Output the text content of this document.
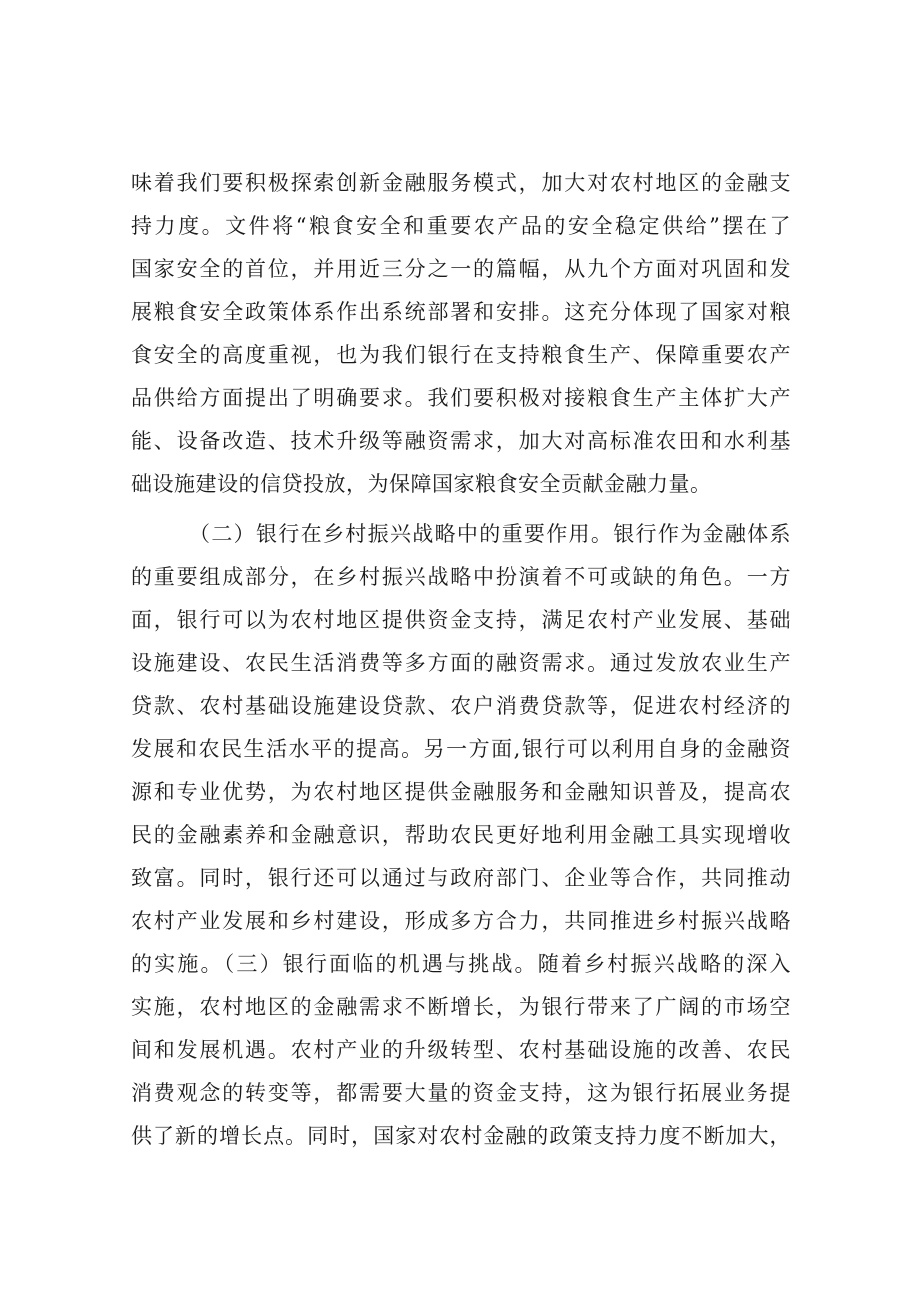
味着我们要积极探索创新金融服务模式，加大对农村地区的金融支
持力度。文件将“粮食安全和重要农产品的安全稳定供给”摆在了
国家安全的首位，并用近三分之一的篇幅，从九个方面对巩固和发
展粮食安全政策体系作出系统部署和安排。这充分体现了国家对粮
食安全的高度重视，也为我们银行在支持粮食生产、保障重要农产
品供给方面提出了明确要求。我们要积极对接粮食生产主体扩大产
能、设备改造、技术升级等融资需求，加大对高标准农田和水利基
础设施建设的信贷投放，为保障国家粮食安全贡献金融力量。
（二）银行在乡村振兴战略中的重要作用。银行作为金融体系
的重要组成部分，在乡村振兴战略中扮演着不可或缺的角色。一方
面，银行可以为农村地区提供资金支持，满足农村产业发展、基础
设施建设、农民生活消费等多方面的融资需求。通过发放农业生产
贷款、农村基础设施建设贷款、农户消费贷款等，促进农村经济的
发展和农民生活水平的提高。另一方面,银行可以利用自身的金融资
源和专业优势，为农村地区提供金融服务和金融知识普及，提高农
民的金融素养和金融意识，帮助农民更好地利用金融工具实现增收
致富。同时，银行还可以通过与政府部门、企业等合作，共同推动
农村产业发展和乡村建设，形成多方合力，共同推进乡村振兴战略
的实施。（三）银行面临的机遇与挑战。随着乡村振兴战略的深入
实施，农村地区的金融需求不断增长，为银行带来了广阔的市场空
间和发展机遇。农村产业的升级转型、农村基础设施的改善、农民
消费观念的转变等，都需要大量的资金支持，这为银行拓展业务提
供了新的增长点。同时，国家对农村金融的政策支持力度不断加大，
